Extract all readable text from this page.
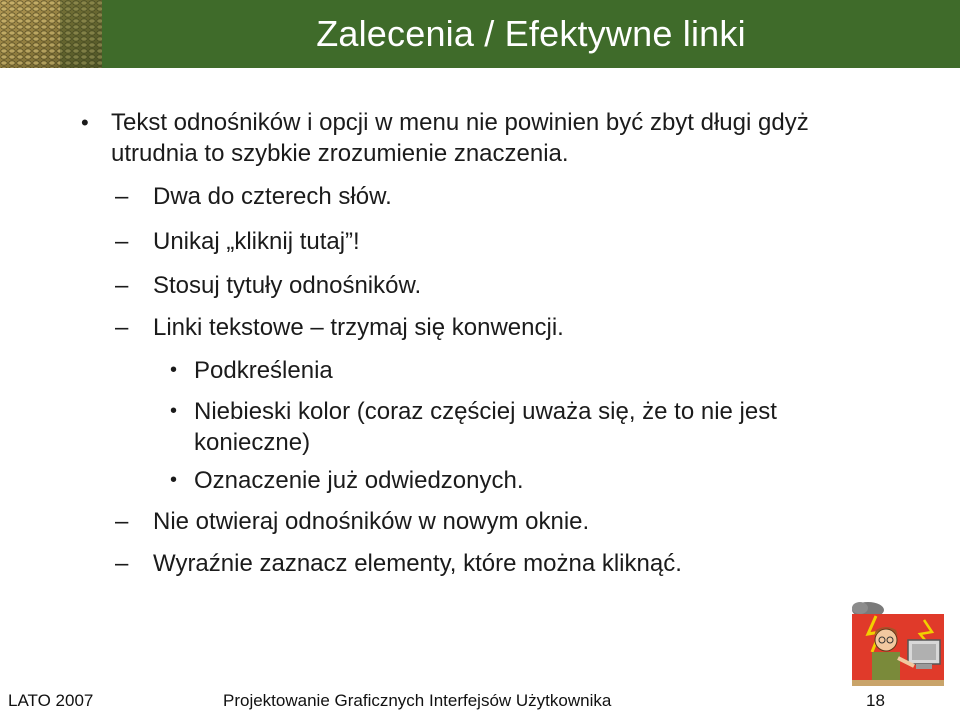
Zalecenia / Efektywne linki
• Tekst odnośników i opcji w menu nie powinien być zbyt długi gdyż
utrudnia to szybkie zrozumienie znaczenia.
– Dwa do czterech słów.
– Unikaj „kliknij tutaj”!
– Stosuj tytuły odnośników.
– Linki tekstowe – trzymaj się konwencji.
• Podkreślenia
• Niebieski kolor (coraz częściej uważa się, że to nie jest
konieczne)
• Oznaczenie już odwiedzonych.
– Nie otwieraj odnośników w nowym oknie.
– Wyraźnie zaznacz elementy, które można kliknąć.
LATO 2007	Projektowanie Graficznych Interfejsów Użytkownika	18
